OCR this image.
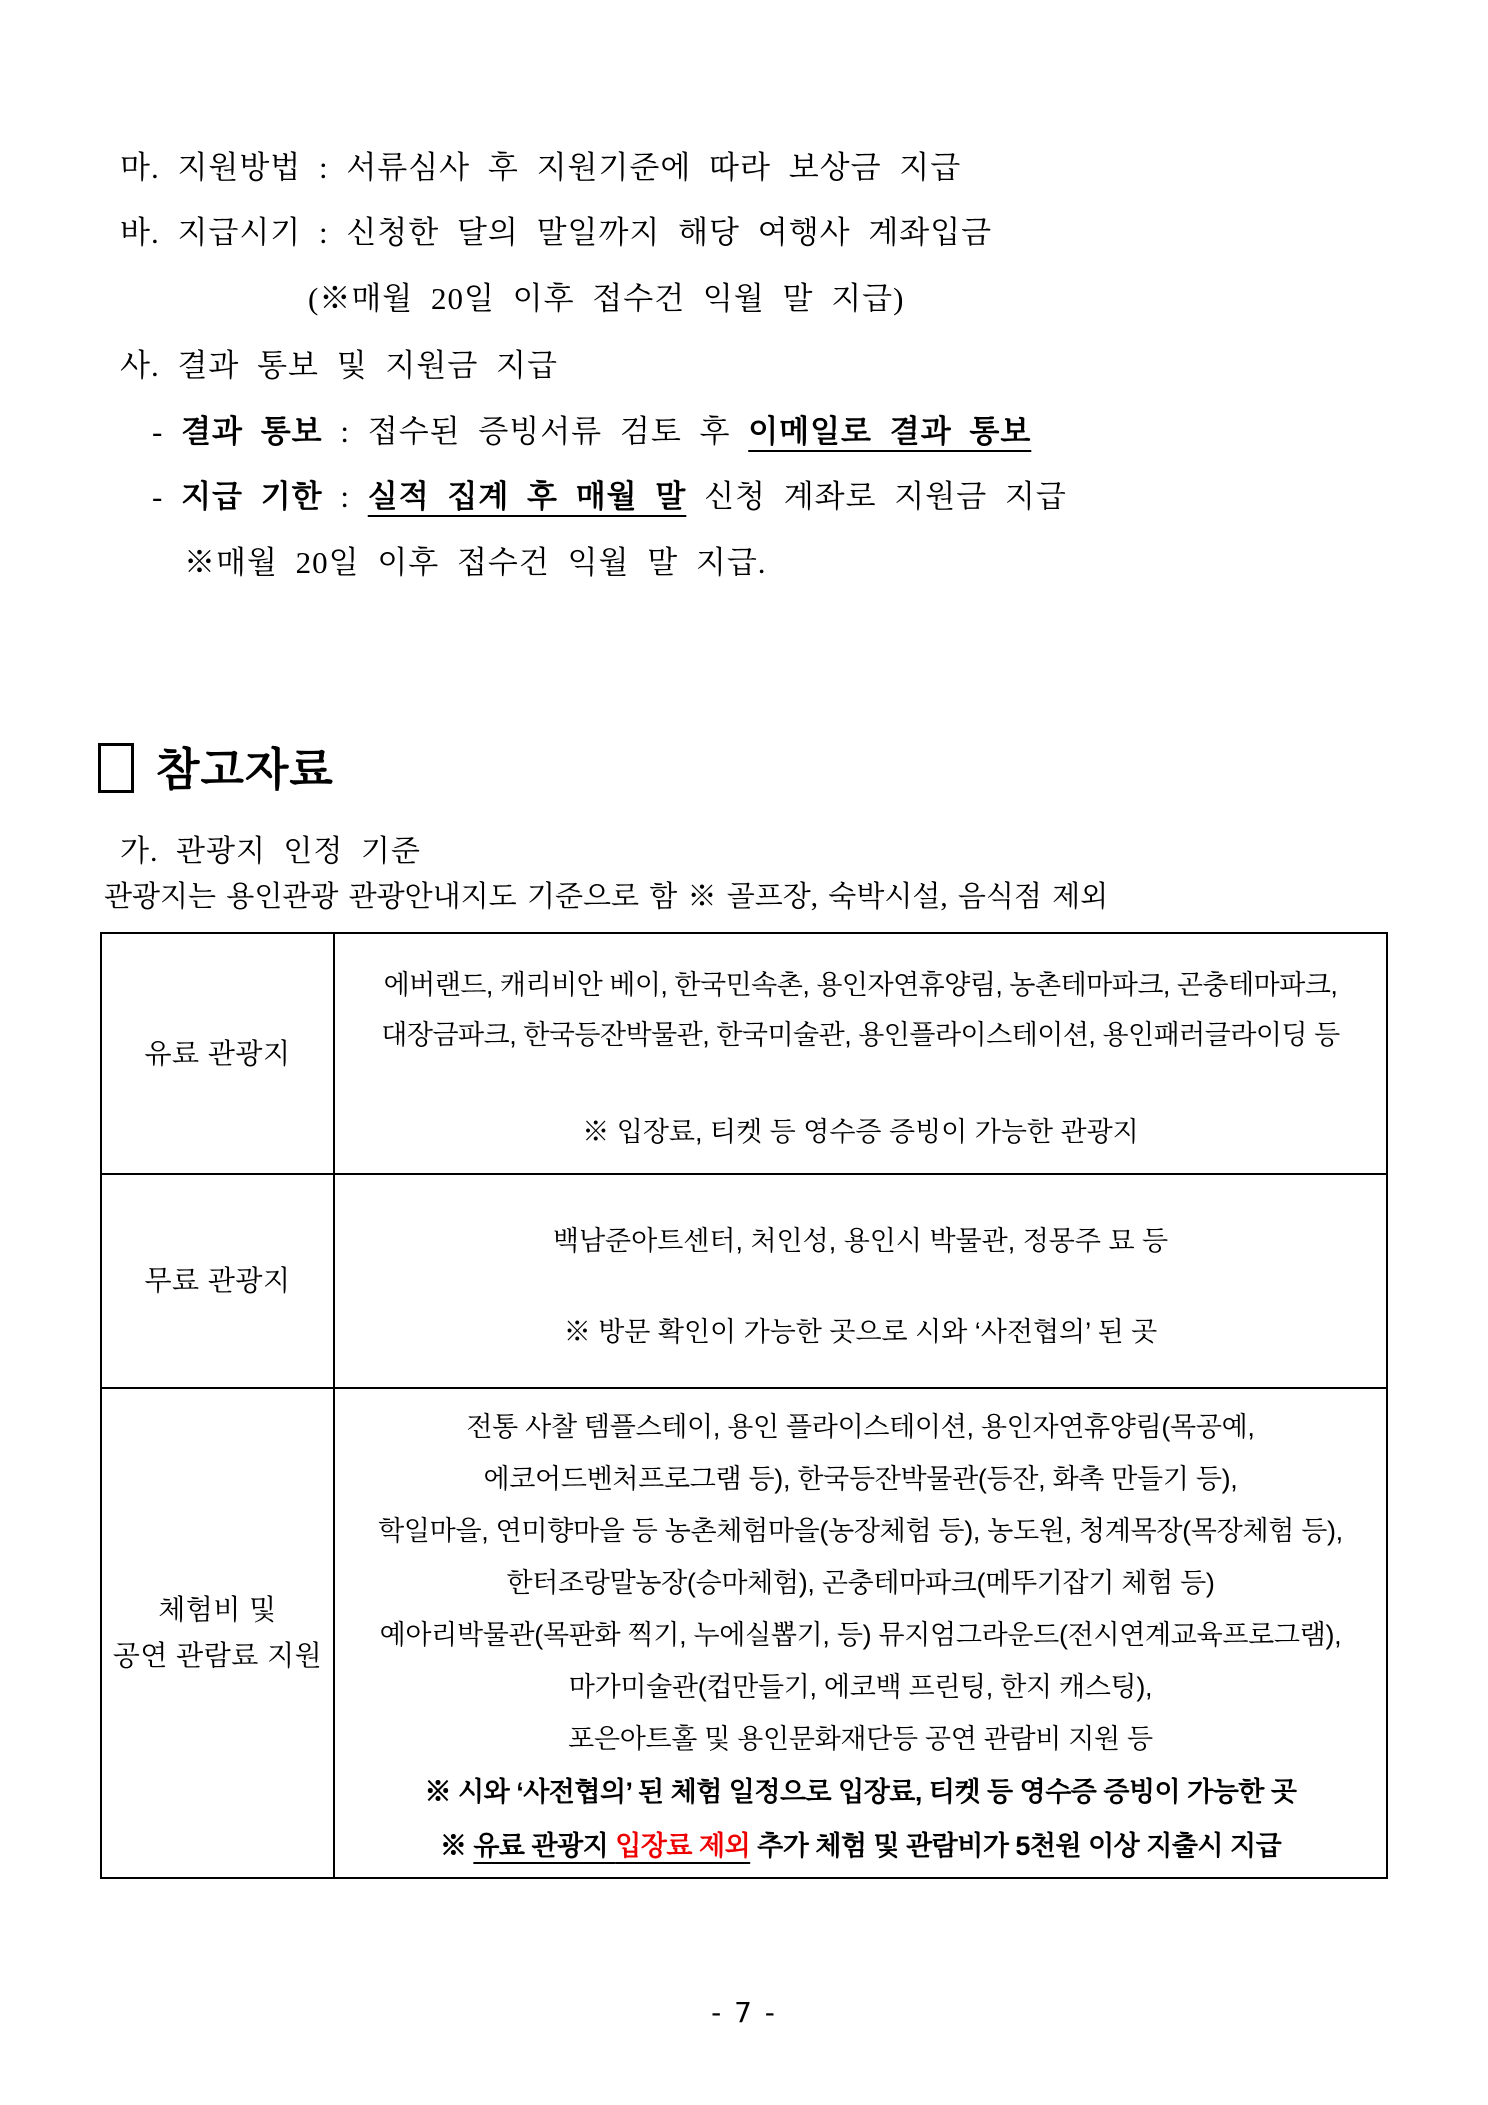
마. 지원방법 : 서류심사 후 지원기준에 따라 보상금 지급
바. 지급시기 : 신청한 달의 말일까지 해당 여행사 계좌입금
(※매월 20일 이후 접수건 익월 말 지급)
사. 결과 통보 및 지원금 지급
- 결과 통보 : 접수된 증빙서류 검토 후 이메일로 결과 통보
- 지급 기한 : 실적 집계 후 매월 말 신청 계좌로 지원금 지급
※매월 20일 이후 접수건 익월 말 지급.
참고자료
가. 관광지 인정 기준
관광지는 용인관광 관광안내지도 기준으로 함 ※ 골프장, 숙박시설, 음식점 제외
유료 관광지
에버랜드, 캐리비안 베이, 한국민속촌, 용인자연휴양림, 농촌테마파크, 곤충테마파크,
대장금파크, 한국등잔박물관, 한국미술관, 용인플라이스테이션, 용인패러글라이딩 등
※ 입장료, 티켓 등 영수증 증빙이 가능한 관광지
무료 관광지
백남준아트센터, 처인성, 용인시 박물관, 정몽주 묘 등
※ 방문 확인이 가능한 곳으로 시와 ‘사전협의’ 된 곳
체험비 및
공연 관람료 지원
전통 사찰 템플스테이, 용인 플라이스테이션, 용인자연휴양림(목공예,
에코어드벤처프로그램 등), 한국등잔박물관(등잔, 화촉 만들기 등),
학일마을, 연미향마을 등 농촌체험마을(농장체험 등), 농도원, 청계목장(목장체험 등),
한터조랑말농장(승마체험), 곤충테마파크(메뚜기잡기 체험 등)
예아리박물관(목판화 찍기, 누에실뽑기, 등) 뮤지엄그라운드(전시연계교육프로그램),
마가미술관(컵만들기, 에코백 프린팅, 한지 캐스팅),
포은아트홀 및 용인문화재단등 공연 관람비 지원 등
※ 시와 ‘사전협의’ 된 체험 일정으로 입장료, 티켓 등 영수증 증빙이 가능한 곳
※ 유료 관광지 입장료 제외 추가 체험 및 관람비가 5천원 이상 지출시 지급
- 7 -
